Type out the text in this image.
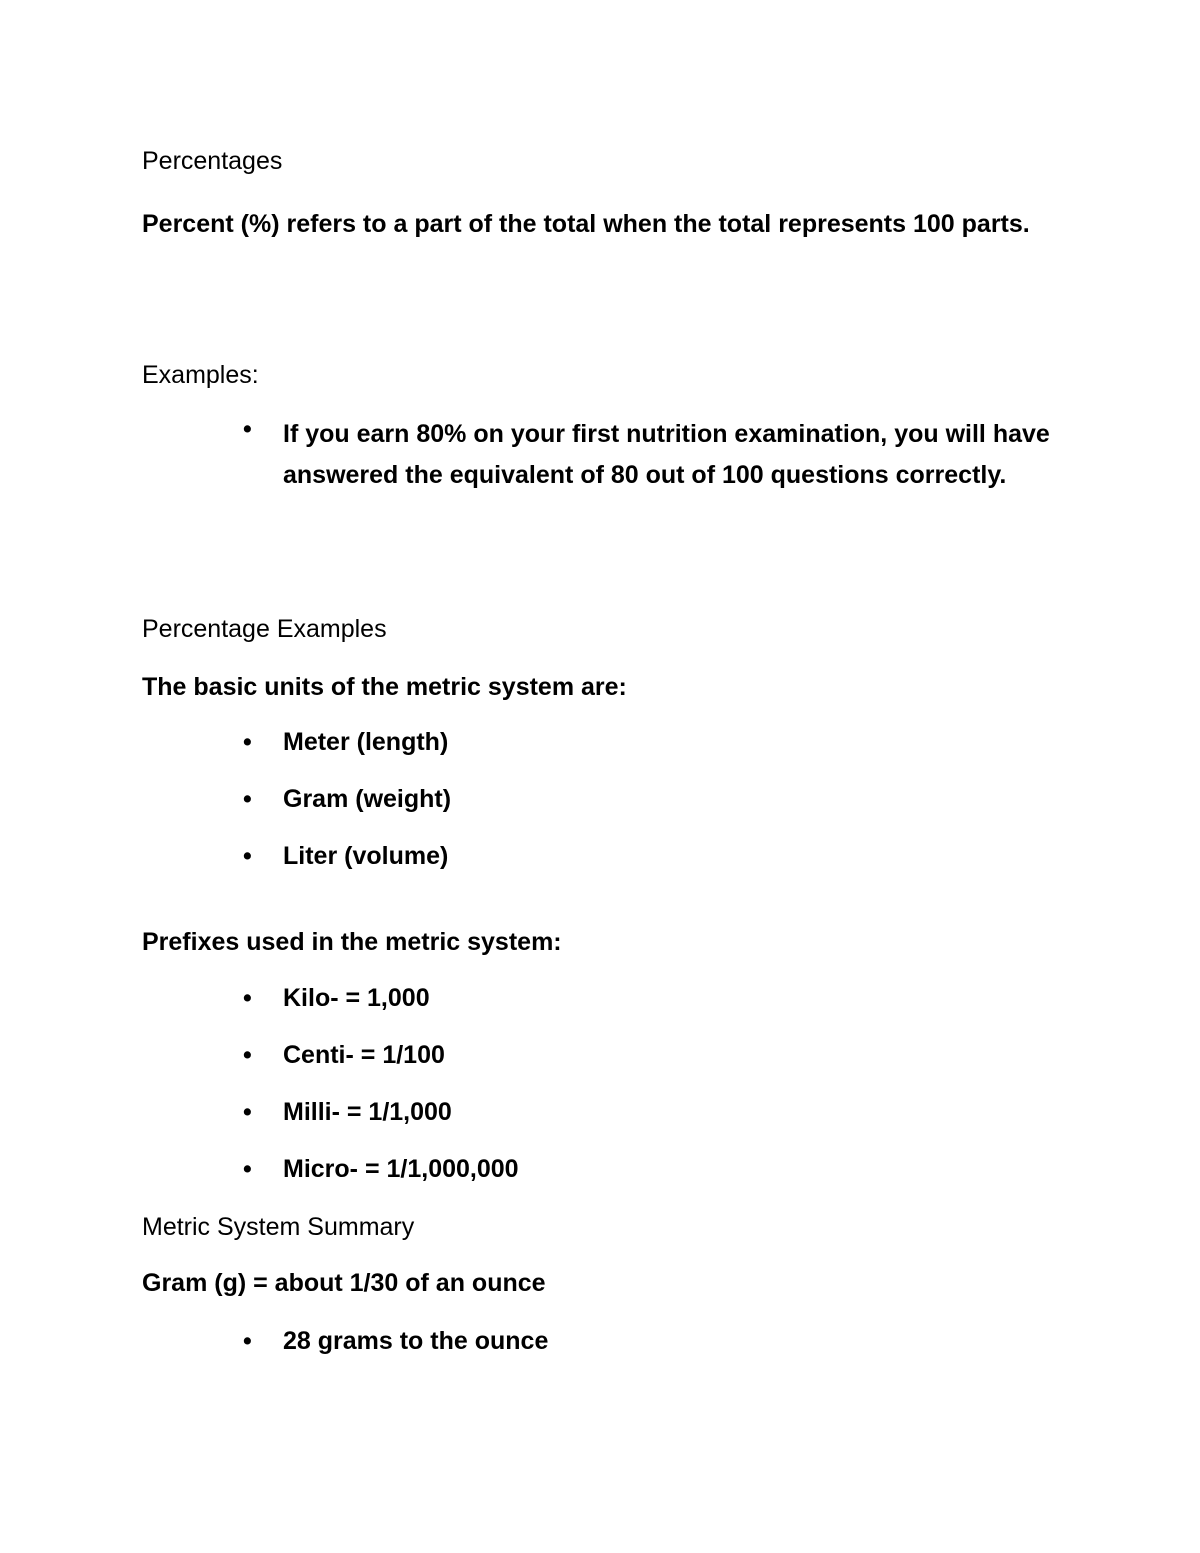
Percentages
Percent (%) refers to a part of the total when the total represents 100 parts.
Examples:
•	If you earn 80% on your first nutrition examination, you will have answered the equivalent of 80 out of 100 questions correctly.
Percentage Examples
The basic units of the metric system are:
•	Meter (length)
•	Gram (weight)
•	Liter (volume)
Prefixes used in the metric system:
•	Kilo- = 1,000
•	Centi- = 1/100
•	Milli- = 1/1,000
•	Micro- = 1/1,000,000
Metric System Summary
Gram (g) = about 1/30 of an ounce
•	28 grams to the ounce
